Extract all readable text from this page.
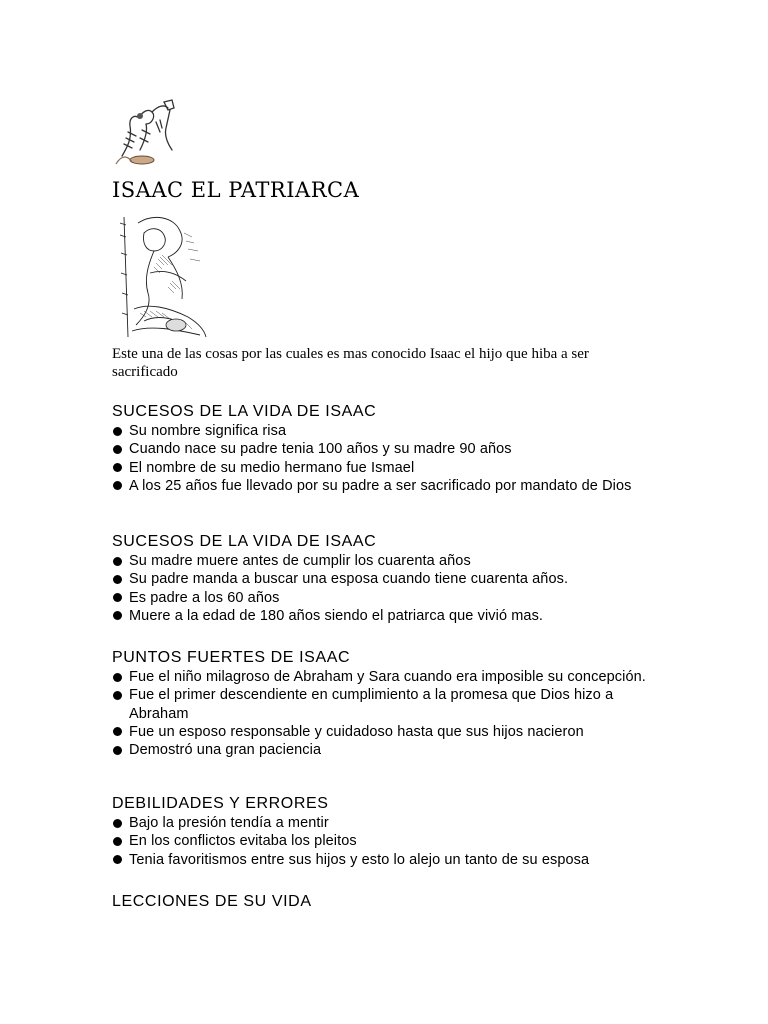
ISAAC EL PATRIARCA

Este una de las cosas por las cuales es mas conocido Isaac el hijo que hiba a ser sacrificado

SUCESOS DE LA VIDA DE ISAAC
Su nombre significa risa
Cuando nace su padre tenia 100 años y su madre 90 años
El nombre de su medio hermano fue Ismael
A los 25 años fue llevado por su padre a ser sacrificado por mandato de Dios
SUCESOS DE LA VIDA DE ISAAC
Su madre muere antes de cumplir los cuarenta años
Su padre manda a buscar una esposa cuando tiene cuarenta años.
Es padre a los 60 años
Muere a la edad de 180 años siendo el patriarca que vivió mas.
PUNTOS FUERTES DE ISAAC
Fue el niño milagroso de Abraham y Sara cuando era imposible su concepción.
Fue el primer descendiente en cumplimiento a la promesa que Dios hizo a Abraham
Fue un esposo responsable y cuidadoso hasta que sus hijos nacieron
Demostró una gran paciencia
DEBILIDADES Y ERRORES
Bajo la presión tendía a mentir
En los conflictos evitaba los pleitos
Tenia favoritismos entre sus hijos y esto lo alejo un tanto de su esposa
LECCIONES DE SU VIDA
